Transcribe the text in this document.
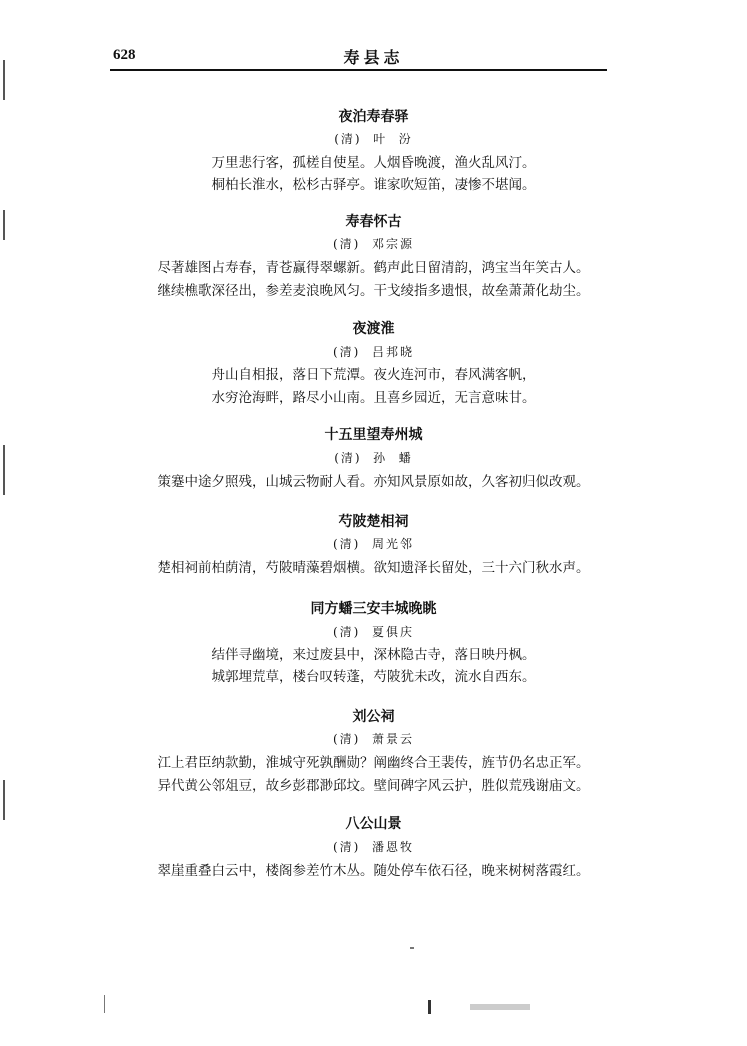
628	寿县志
夜泊寿春驿
(清)  叶  汾
万里悲行客，孤槎自使星。人烟昏晚渡，渔火乱风汀。
桐柏长淮水，松杉古驿亭。谁家吹短笛，凄惨不堪闻。
寿春怀古
(清)  邓宗源
尽著雄图占寿春，青苍赢得翠螺新。鹤声此日留清韵，鸿宝当年笑古人。
继续樵歌深径出，参差麦浪晚风匀。干戈绫指多遗恨，故垒萧萧化劫尘。
夜渡淮
(清)  吕邦晓
舟山自相报，落日下荒潭。夜火连河市，春风满客帆，
水穷沧海畔，路尽小山南。且喜乡园近，无言意味甘。
十五里望寿州城
(清)  孙  蟠
策蹇中途夕照残，山城云物耐人看。亦知风景原如故，久客初归似改观。
芍陂楚相祠
(清)  周光邻
楚相祠前柏荫清，芍陂晴藻碧烟横。欲知遗泽长留处，三十六门秋水声。
同方蟠三安丰城晚眺
(清)  夏俱庆
结伴寻幽境，来过废县中，深林隐古寺，落日映丹枫。
城郭埋荒草，楼台叹转蓬，芍陂犹未改，流水自西东。
刘公祠
(清)  萧景云
江上君臣纳款勤，淮城守死孰酬勋？阐幽终合王裴传，旌节仍名忠正军。
异代黄公邻俎豆，故乡彭郡渺邱坟。壁间碑字风云护，胜似荒残谢庙文。
八公山景
(清)  潘恩牧
翠崖重叠白云中，楼阁参差竹木丛。随处停车依石径，晚来树树落霞红。
